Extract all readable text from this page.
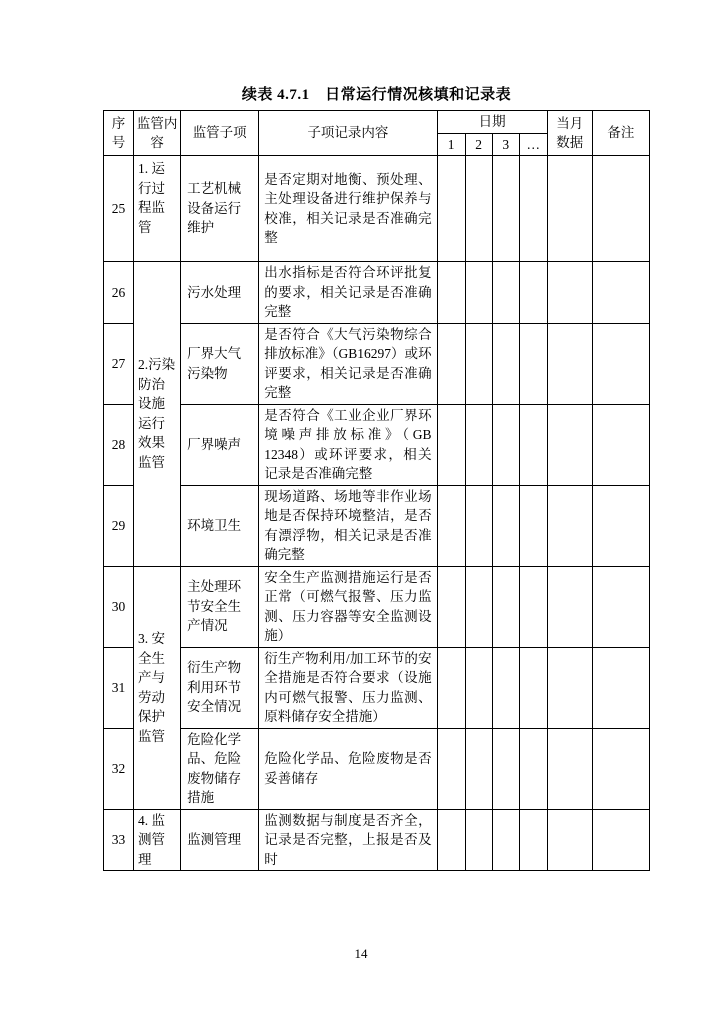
续表 4.7.1　日常运行情况核填和记录表
序号	监管内容	监管子项	子项记录内容	日期				当月数据	备注
				1	2	3	…		
25	1. 运行过程监管	工艺机械设备运行维护	是否定期对地衡、预处理、主处理设备进行维护保养与校准，相关记录是否准确完整						
26	2.污染防治设施运行效果监管	污水处理	出水指标是否符合环评批复的要求，相关记录是否准确完整						
27		厂界大气污染物	是否符合《大气污染物综合排放标准》（GB16297）或环评要求，相关记录是否准确完整						
28		厂界噪声	是否符合《工业企业厂界环境噪声排放标准》（GB 12348）或环评要求，相关记录是否准确完整						
29		环境卫生	现场道路、场地等非作业场地是否保持环境整洁，是否有漂浮物，相关记录是否准确完整						
30	3. 安全生产与劳动保护监管	主处理环节安全生产情况	安全生产监测措施运行是否正常（可燃气报警、压力监测、压力容器等安全监测设施）						
31		衍生产物利用环节安全情况	衍生产物利用/加工环节的安全措施是否符合要求（设施内可燃气报警、压力监测、原料储存安全措施）						
32		危险化学品、危险废物储存措施	危险化学品、危险废物是否妥善储存						
33	4. 监测管理	监测管理	监测数据与制度是否齐全，记录是否完整，上报是否及时						
14
